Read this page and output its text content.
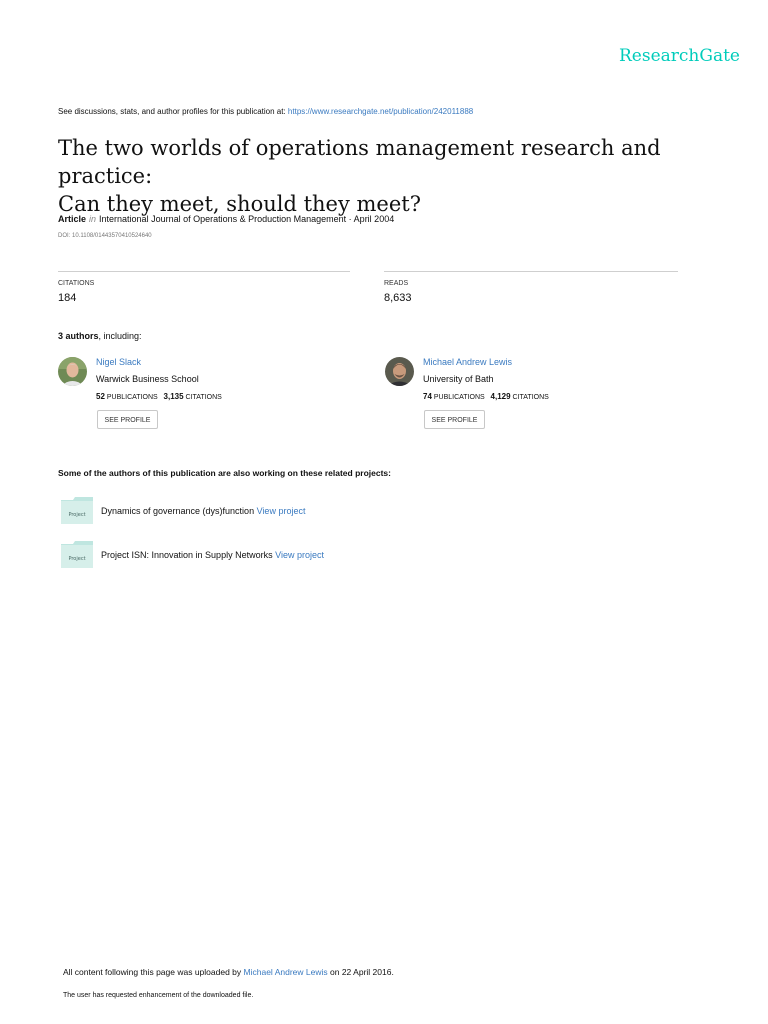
ResearchGate
See discussions, stats, and author profiles for this publication at: https://www.researchgate.net/publication/242011888
The two worlds of operations management research and practice:
Can they meet, should they meet?
Article in International Journal of Operations & Production Management · April 2004
DOI: 10.1108/01443570410524640
CITATIONS
184
READS
8,633
3 authors, including:
Nigel Slack
Warwick Business School
52 PUBLICATIONS 3,135 CITATIONS
SEE PROFILE
Michael Andrew Lewis
University of Bath
74 PUBLICATIONS 4,129 CITATIONS
SEE PROFILE
Some of the authors of this publication are also working on these related projects:
Project Dynamics of governance (dys)function View project
Project Project ISN: Innovation in Supply Networks View project
All content following this page was uploaded by Michael Andrew Lewis on 22 April 2016.
The user has requested enhancement of the downloaded file.
